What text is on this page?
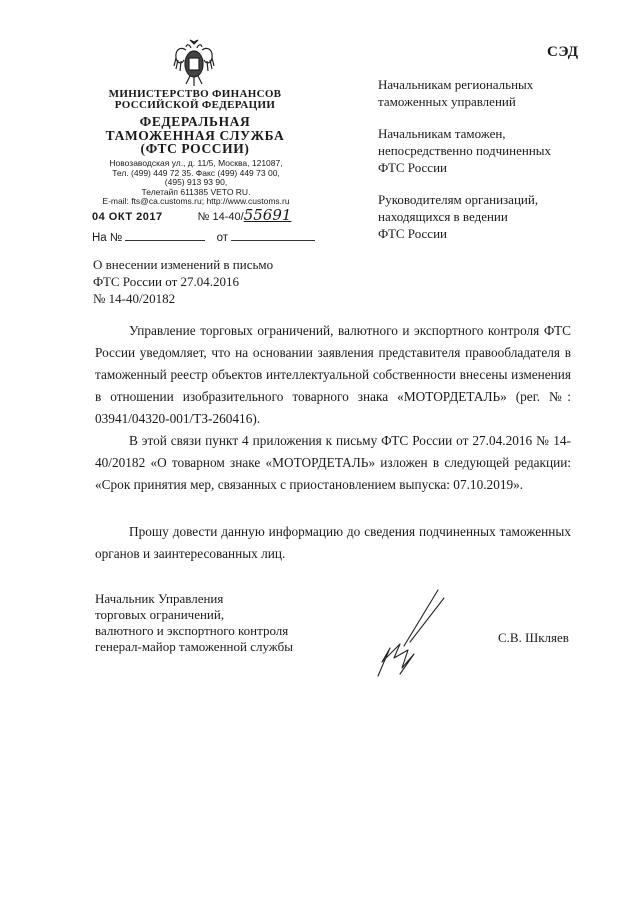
СЭД
МИНИСТЕРСТВО ФИНАНСОВ
РОССИЙСКОЙ ФЕДЕРАЦИИ
ФЕДЕРАЛЬНАЯ
ТАМОЖЕННАЯ СЛУЖБА
(ФТС РОССИИ)
Новозаводская ул., д. 11/5, Москва, 121087,
Тел. (499) 449 72 35. Факс (499) 449 73 00,
(495) 913 93 90,
Телетайп 611385 VETO RU.
E-mail: fts@ca.customs.ru; http://www.customs.ru
04 ОКТ 2017	№ 14-40/55691
На №	от
Начальникам региональных
таможенных управлений
Начальникам таможен,
непосредственно подчиненных
ФТС России
Руководителям организаций,
находящихся в ведении
ФТС России
О внесении изменений в письмо
ФТС России от 27.04.2016
№ 14-40/20182
Управление торговых ограничений, валютного и экспортного контроля ФТС России уведомляет, что на основании заявления представителя правообладателя в таможенный реестр объектов интеллектуальной собственности внесены изменения в отношении изобразительного товарного знака «МОТОРДЕТАЛЬ» (рег. №: 03941/04320-001/ТЗ-260416).
В этой связи пункт 4 приложения к письму ФТС России от 27.04.2016 № 14-40/20182 «О товарном знаке «МОТОРДЕТАЛЬ» изложен в следующей редакции: «Срок принятия мер, связанных с приостановлением выпуска: 07.10.2019».
Прошу довести данную информацию до сведения подчиненных таможенных органов и заинтересованных лиц.
Начальник Управления
торговых ограничений,
валютного и экспортного контроля
генерал-майор таможенной службы
С.В. Шкляев
